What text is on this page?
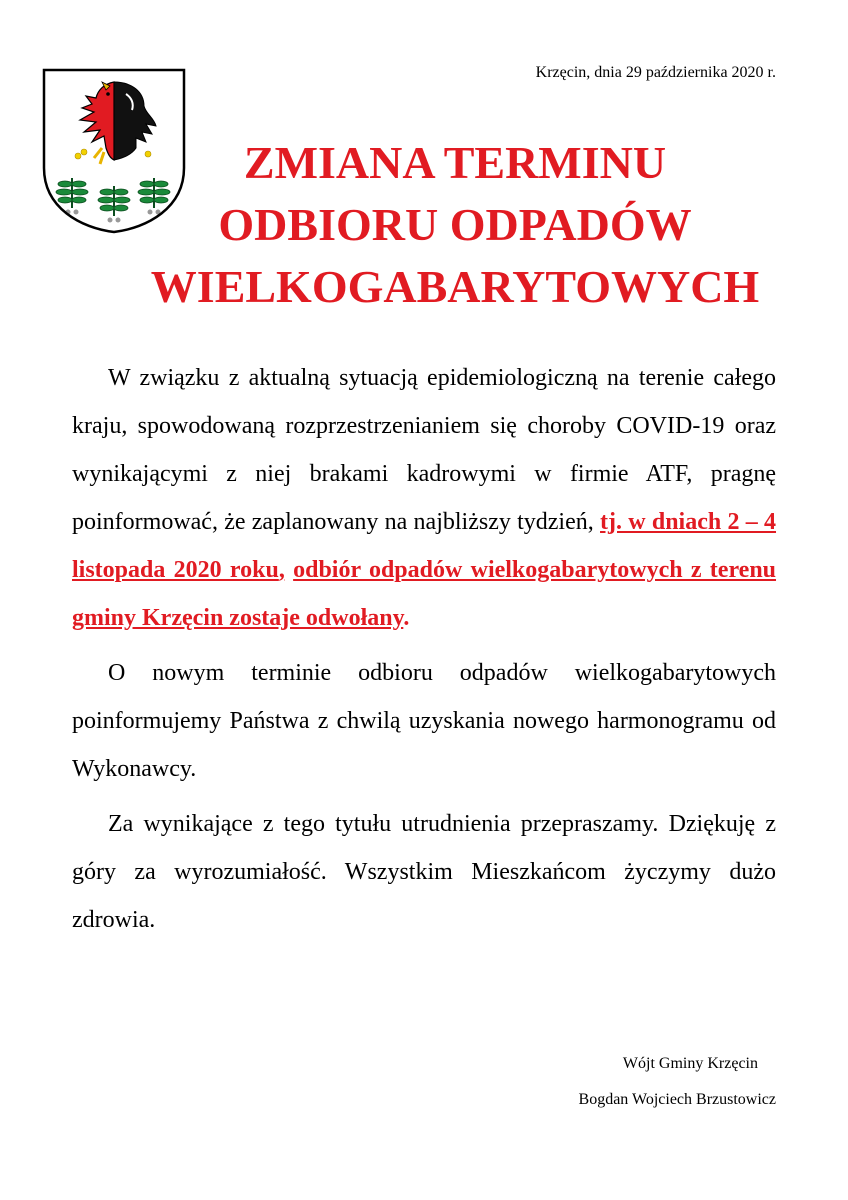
Krzęcin, dnia 29 października 2020 r.
ZMIANA TERMINU
ODBIORU ODPADÓW
WIELKOGABARYTOWYCH

W związku z aktualną sytuacją epidemiologiczną na terenie całego kraju, spowodowaną rozprzestrzenianiem się choroby COVID-19 oraz wynikającymi z niej brakami kadrowymi w firmie ATF, pragnę poinformować, że zaplanowany na najbliższy tydzień, tj. w dniach 2 – 4 listopada 2020 roku, odbiór odpadów wielkogabarytowych z terenu gminy Krzęcin zostaje odwołany.

O nowym terminie odbioru odpadów wielkogabarytowych poinformujemy Państwa z chwilą uzyskania nowego harmonogramu od Wykonawcy.

Za wynikające z tego tytułu utrudnienia przepraszamy. Dziękuję z góry za wyrozumiałość. Wszystkim Mieszkańcom życzymy dużo zdrowia.

Wójt Gminy Krzęcin
Bogdan Wojciech Brzustowicz
